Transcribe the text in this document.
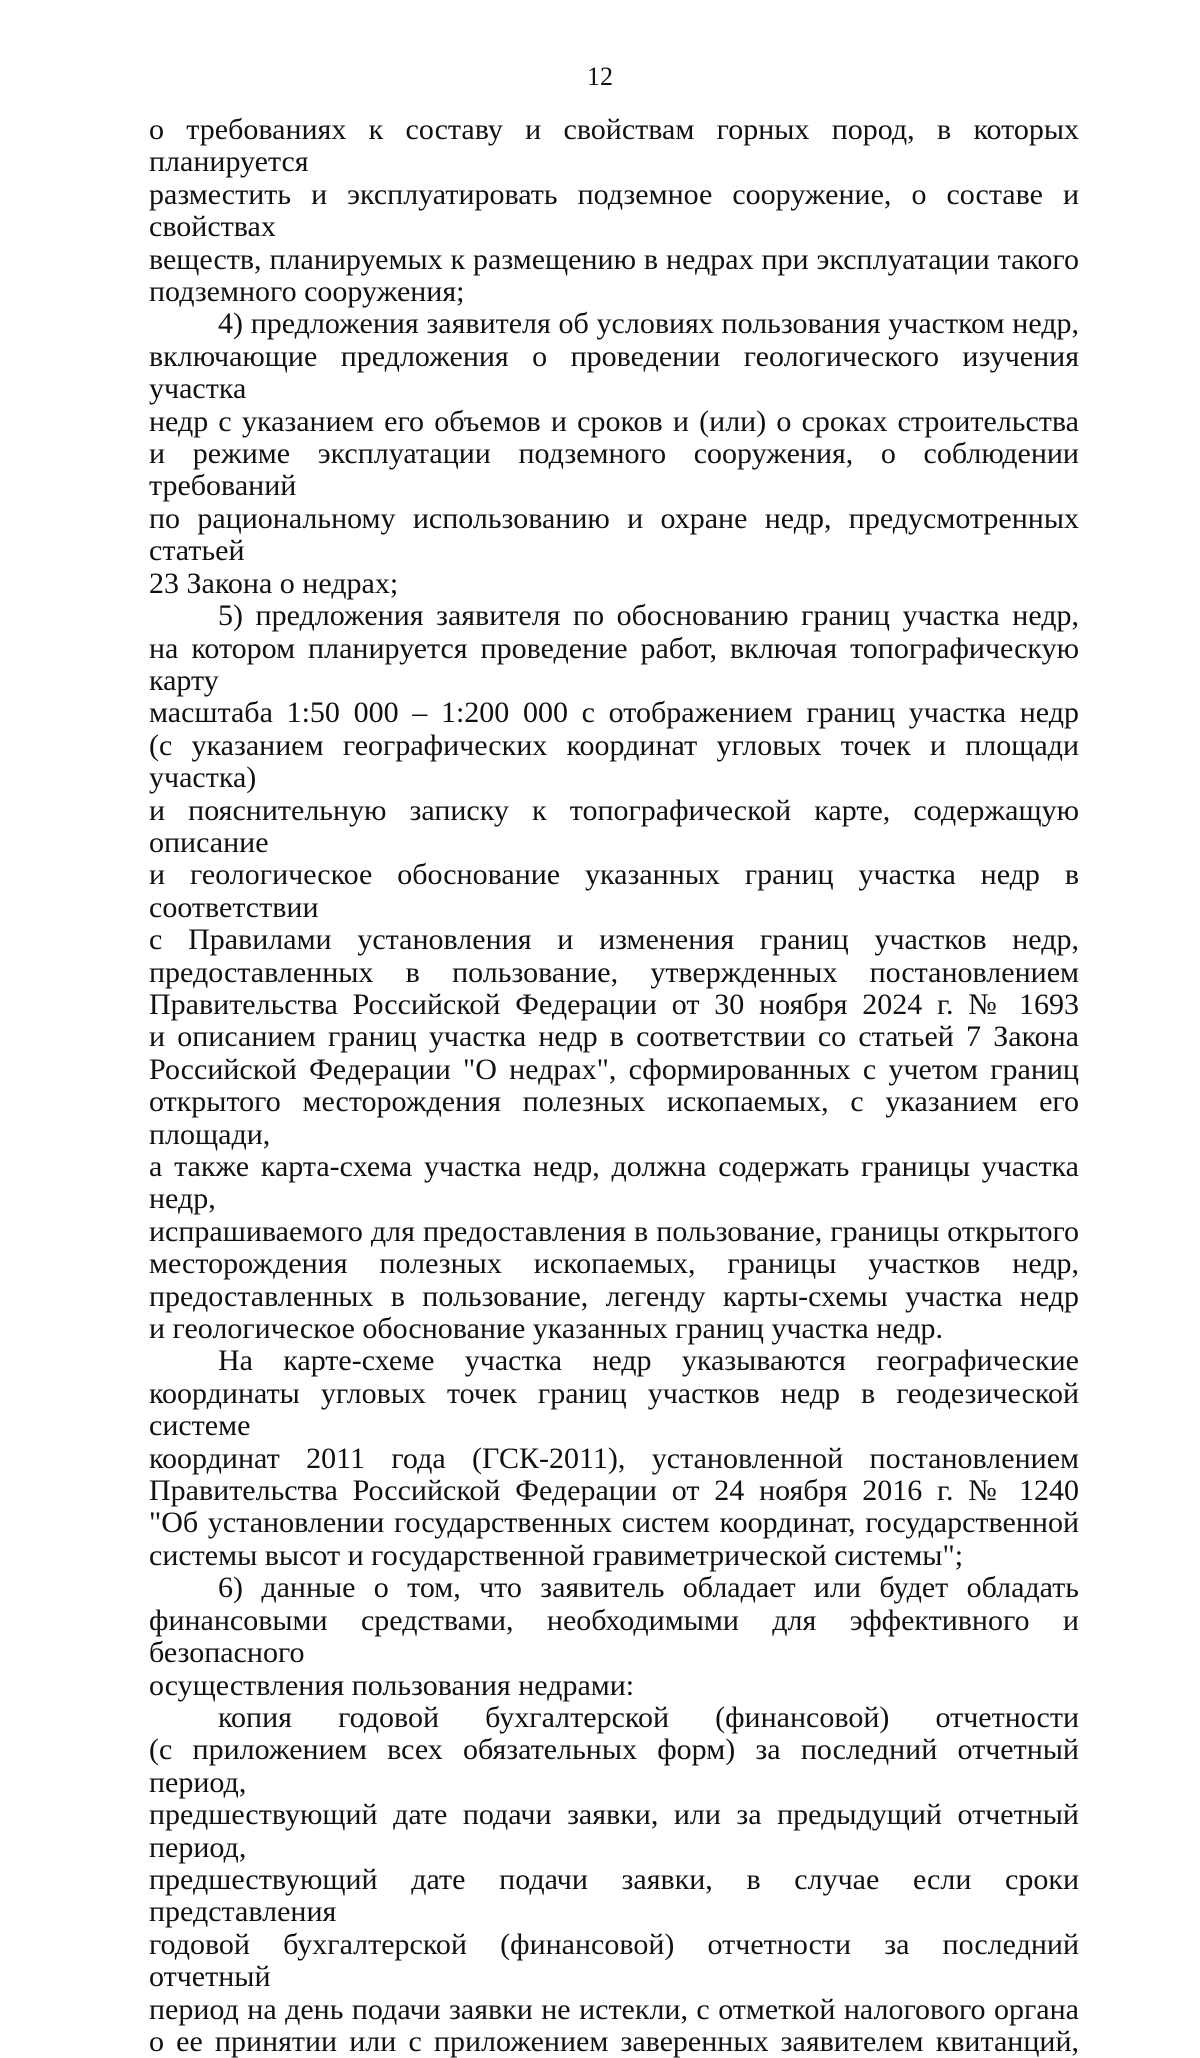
12
о требованиях к составу и свойствам горных пород, в которых планируется
разместить и эксплуатировать подземное сооружение, о составе и свойствах
веществ, планируемых к размещению в недрах при эксплуатации такого
подземного сооружения;
4) предложения заявителя об условиях пользования участком недр,
включающие предложения о проведении геологического изучения участка
недр с указанием его объемов и сроков и (или) о сроках строительства
и режиме эксплуатации подземного сооружения, о соблюдении требований
по рациональному использованию и охране недр, предусмотренных статьей
23 Закона о недрах;
5) предложения заявителя по обоснованию границ участка недр,
на котором планируется проведение работ, включая топографическую карту
масштаба 1:50 000 – 1:200 000 с отображением границ участка недр
(с указанием географических координат угловых точек и площади участка)
и пояснительную записку к топографической карте, содержащую описание
и геологическое обоснование указанных границ участка недр в соответствии
с Правилами установления и изменения границ участков недр,
предоставленных в пользование, утвержденных постановлением
Правительства Российской Федерации от 30 ноября 2024 г. № 1693
и описанием границ участка недр в соответствии со статьей 7 Закона
Российской Федерации "О недрах", сформированных с учетом границ
открытого месторождения полезных ископаемых, с указанием его площади,
а также карта-схема участка недр, должна содержать границы участка недр,
испрашиваемого для предоставления в пользование, границы открытого
месторождения полезных ископаемых, границы участков недр,
предоставленных в пользование, легенду карты-схемы участка недр
и геологическое обоснование указанных границ участка недр.
На карте-схеме участка недр указываются географические
координаты угловых точек границ участков недр в геодезической системе
координат 2011 года (ГСК-2011), установленной постановлением
Правительства Российской Федерации от 24 ноября 2016 г. № 1240
"Об установлении государственных систем координат, государственной
системы высот и государственной гравиметрической системы";
6) данные о том, что заявитель обладает или будет обладать
финансовыми средствами, необходимыми для эффективного и безопасного
осуществления пользования недрами:
копия годовой бухгалтерской (финансовой) отчетности
(с приложением всех обязательных форм) за последний отчетный период,
предшествующий дате подачи заявки, или за предыдущий отчетный период,
предшествующий дате подачи заявки, в случае если сроки представления
годовой бухгалтерской (финансовой) отчетности за последний отчетный
период на день подачи заявки не истекли, с отметкой налогового органа
о ее принятии или с приложением заверенных заявителем квитанций,
